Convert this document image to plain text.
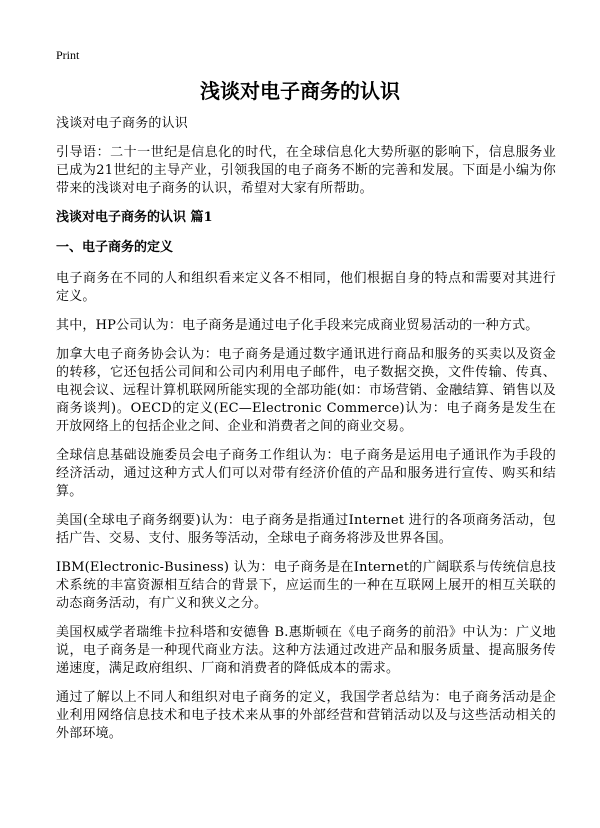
Print
浅谈对电子商务的认识

浅谈对电子商务的认识

引导语：二十一世纪是信息化的时代，在全球信息化大势所驱的影响下，信息服务业已成为21世纪的主导产业，引领我国的电子商务不断的完善和发展。下面是小编为你带来的浅谈对电子商务的认识，希望对大家有所帮助。

浅谈对电子商务的认识 篇1

一、电子商务的定义

电子商务在不同的人和组织看来定义各不相同，他们根据自身的特点和需要对其进行定义。

其中，HP公司认为：电子商务是通过电子化手段来完成商业贸易活动的一种方式。

加拿大电子商务协会认为：电子商务是通过数字通讯进行商品和服务的买卖以及资金的转移，它还包括公司间和公司内利用电子邮件，电子数据交换，文件传输、传真、电视会议、远程计算机联网所能实现的全部功能(如：市场营销、金融结算、销售以及商务谈判)。OECD的定义(EC—Electronic Commerce)认为：电子商务是发生在开放网络上的包括企业之间、企业和消费者之间的商业交易。

全球信息基础设施委员会电子商务工作组认为：电子商务是运用电子通讯作为手段的经济活动，通过这种方式人们可以对带有经济价值的产品和服务进行宣传、购买和结算。

美国(全球电子商务纲要)认为：电子商务是指通过Internet 进行的各项商务活动，包括广告、交易、支付、服务等活动，全球电子商务将涉及世界各国。

IBM(Electronic-Business) 认为：电子商务是在Internet的广阔联系与传统信息技术系统的丰富资源相互结合的背景下，应运而生的一种在互联网上展开的相互关联的动态商务活动，有广义和狭义之分。

美国权威学者瑞维卡拉科塔和安德鲁 B.惠斯顿在《电子商务的前沿》中认为：广义地说，电子商务是一种现代商业方法。这种方法通过改进产品和服务质量、提高服务传递速度，满足政府组织、厂商和消费者的降低成本的需求。

通过了解以上不同人和组织对电子商务的定义，我国学者总结为：电子商务活动是企业利用网络信息技术和电子技术来从事的外部经营和营销活动以及与这些活动相关的外部环境。
